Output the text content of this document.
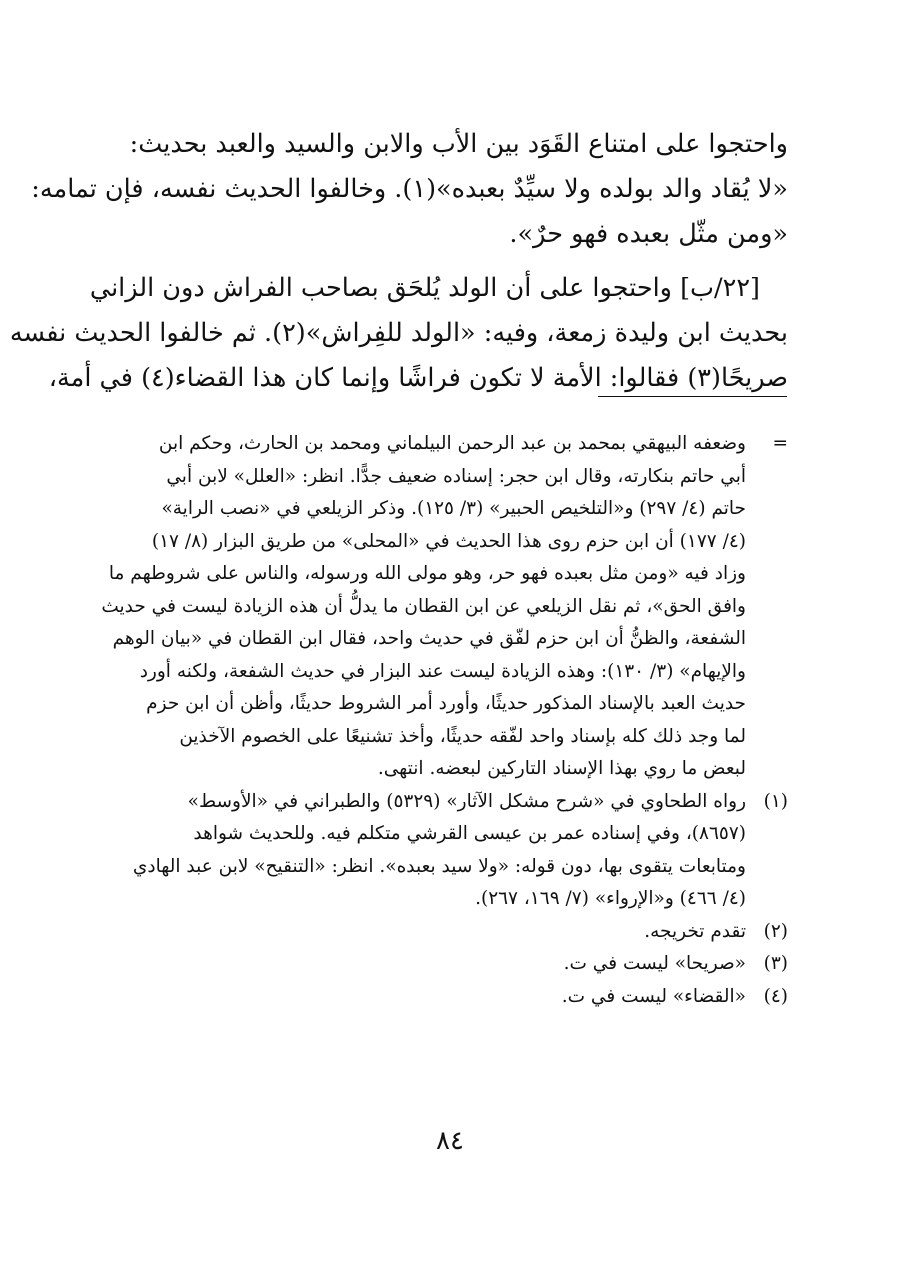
واحتجوا على امتناع القَوَد بين الأب والابن والسيد والعبد بحديث:
«لا يُقاد والد بولده ولا سيِّدٌ بعبده»(١). وخالفوا الحديث نفسه، فإن تمامه:
«ومن مثّل بعبده فهو حرٌ».
[٢٢/ب] واحتجوا على أن الولد يُلحَق بصاحب الفراش دون الزاني
بحديث ابن وليدة زمعة، وفيه: «الولد للفِراش»(٢). ثم خالفوا الحديث نفسه
صريحًا(٣) فقالوا: الأمة لا تكون فراشًا وإنما كان هذا القضاء(٤) في أمة،
=
وضعفه البيهقي بمحمد بن عبد الرحمن البيلماني ومحمد بن الحارث، وحكم ابن
أبي حاتم بنكارته، وقال ابن حجر: إسناده ضعيف جدًّا. انظر: «العلل» لابن أبي
حاتم (٤/ ٢٩٧) و«التلخيص الحبير» (٣/ ١٢٥). وذكر الزيلعي في «نصب الراية»
(٤/ ١٧٧) أن ابن حزم روى هذا الحديث في «المحلى» من طريق البزار (٨/ ١٧)
وزاد فيه «ومن مثل بعبده فهو حر، وهو مولى الله ورسوله، والناس على شروطهم ما
وافق الحق»، ثم نقل الزيلعي عن ابن القطان ما يدلُّ أن هذه الزيادة ليست في حديث
الشفعة، والظنُّ أن ابن حزم لفّق في حديث واحد، فقال ابن القطان في «بيان الوهم
والإيهام» (٣/ ١٣٠): وهذه الزيادة ليست عند البزار في حديث الشفعة، ولكنه أورد
حديث العبد بالإسناد المذكور حديثًا، وأورد أمر الشروط حديثًا، وأظن أن ابن حزم
لما وجد ذلك كله بإسناد واحد لفّقه حديثًا، وأخذ تشنيعًا على الخصوم الآخذين
لبعض ما روي بهذا الإسناد التاركين لبعضه. انتهى.
(١)
رواه الطحاوي في «شرح مشكل الآثار» (٥٣٢٩) والطبراني في «الأوسط»
(٨٦٥٧)، وفي إسناده عمر بن عيسى القرشي متكلم فيه. وللحديث شواهد
ومتابعات يتقوى بها، دون قوله: «ولا سيد بعبده». انظر: «التنقيح» لابن عبد الهادي
(٤/ ٤٦٦) و«الإرواء» (٧/ ١٦٩، ٢٦٧).
(٢)
تقدم تخريجه.
(٣)
«صريحا» ليست في ت.
(٤)
«القضاء» ليست في ت.
٨٤
